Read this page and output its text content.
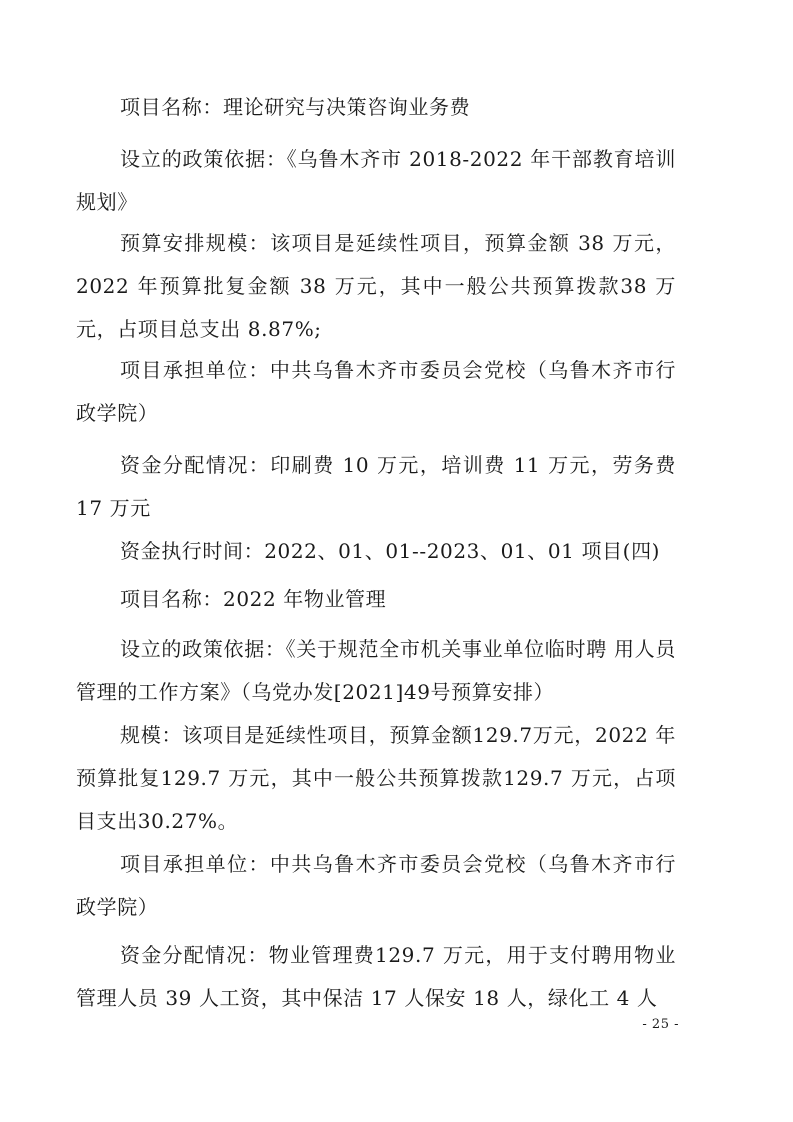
项目名称：理论研究与决策咨询业务费

设立的政策依据：《乌鲁木齐市 2018-2022 年干部教育培训规划》

预算安排规模：该项目是延续性项目，预算金额 38 万元，2022 年预算批复金额 38 万元，其中一般公共预算拨款38 万元，占项目总支出 8.87%;

项目承担单位：中共乌鲁木齐市委员会党校（乌鲁木齐市行政学院）

资金分配情况：印刷费 10 万元，培训费 11 万元，劳务费 17 万元

资金执行时间：2022、01、01--2023、01、01 项目(四)

项目名称：2022 年物业管理

设立的政策依据：《关于规范全市机关事业单位临时聘 用人员管理的工作方案》（乌党办发[2021]49号预算安排）

规模：该项目是延续性项目，预算金额129.7万元，2022 年预算批复129.7 万元，其中一般公共预算拨款129.7 万元，占项目支出30.27%。

项目承担单位：中共乌鲁木齐市委员会党校（乌鲁木齐市行政学院）

资金分配情况：物业管理费129.7 万元，用于支付聘用物业管理人员 39 人工资，其中保洁 17 人保安 18 人，绿化工 4 人

- 25 -
